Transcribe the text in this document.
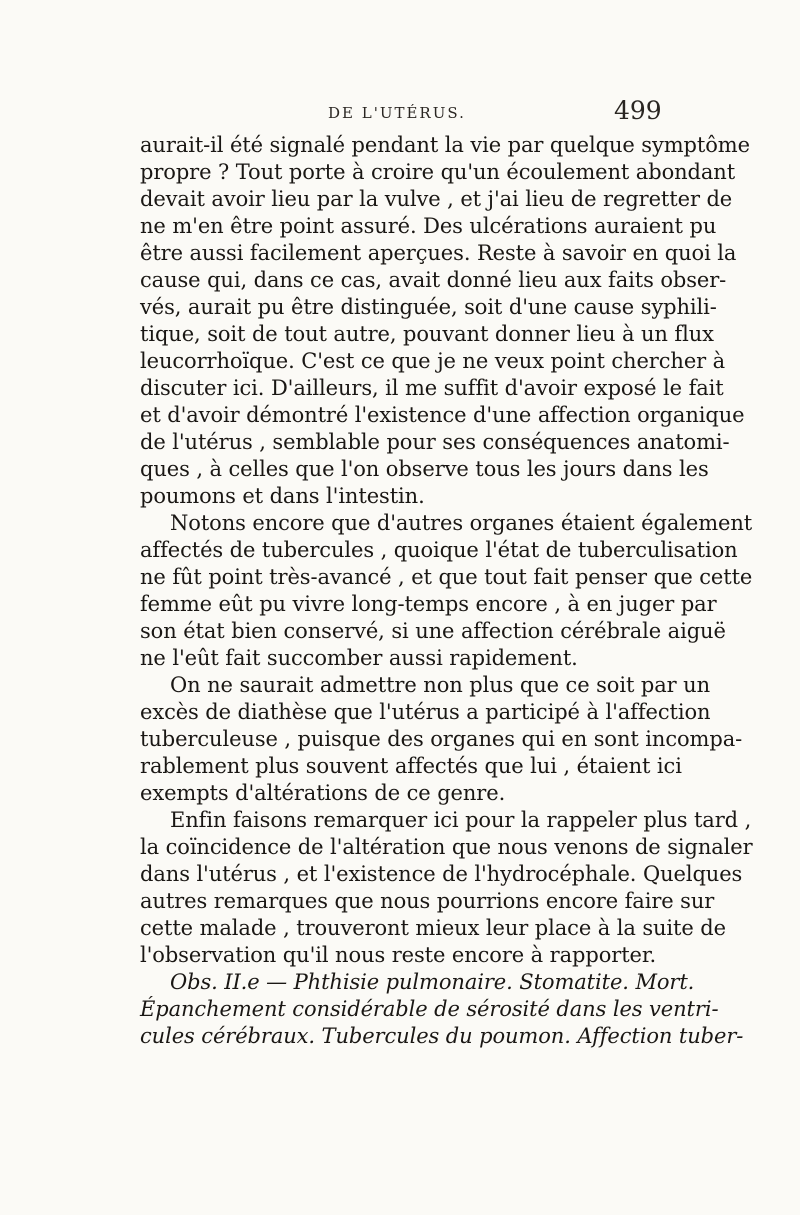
DE L'UTÉRUS.	499
aurait-il été signalé pendant la vie par quelque symptôme
propre ? Tout porte à croire qu'un écoulement abondant
devait avoir lieu par la vulve , et j'ai lieu de regretter de
ne m'en être point assuré. Des ulcérations auraient pu
être aussi facilement aperçues. Reste à savoir en quoi la
cause qui, dans ce cas, avait donné lieu aux faits obser-
vés, aurait pu être distinguée, soit d'une cause syphili-
tique, soit de tout autre, pouvant donner lieu à un flux
leucorrhoïque. C'est ce que je ne veux point chercher à
discuter ici. D'ailleurs, il me suffit d'avoir exposé le fait
et d'avoir démontré l'existence d'une affection organique
de l'utérus , semblable pour ses conséquences anatomi-
ques , à celles que l'on observe tous les jours dans les
poumons et dans l'intestin.
Notons encore que d'autres organes étaient également
affectés de tubercules , quoique l'état de tuberculisation
ne fût point très-avancé , et que tout fait penser que cette
femme eût pu vivre long-temps encore , à en juger par
son état bien conservé, si une affection cérébrale aiguë
ne l'eût fait succomber aussi rapidement.
On ne saurait admettre non plus que ce soit par un
excès de diathèse que l'utérus a participé à l'affection
tuberculeuse , puisque des organes qui en sont incompa-
rablement plus souvent affectés que lui , étaient ici
exempts d'altérations de ce genre.
Enfin faisons remarquer ici pour la rappeler plus tard ,
la coïncidence de l'altération que nous venons de signaler
dans l'utérus , et l'existence de l'hydrocéphale. Quelques
autres remarques que nous pourrions encore faire sur
cette malade , trouveront mieux leur place à la suite de
l'observation qu'il nous reste encore à rapporter.
Obs. II.e — Phthisie pulmonaire. Stomatite. Mort.
Épanchement considérable de sérosité dans les ventri-
cules cérébraux. Tubercules du poumon. Affection tuber-
